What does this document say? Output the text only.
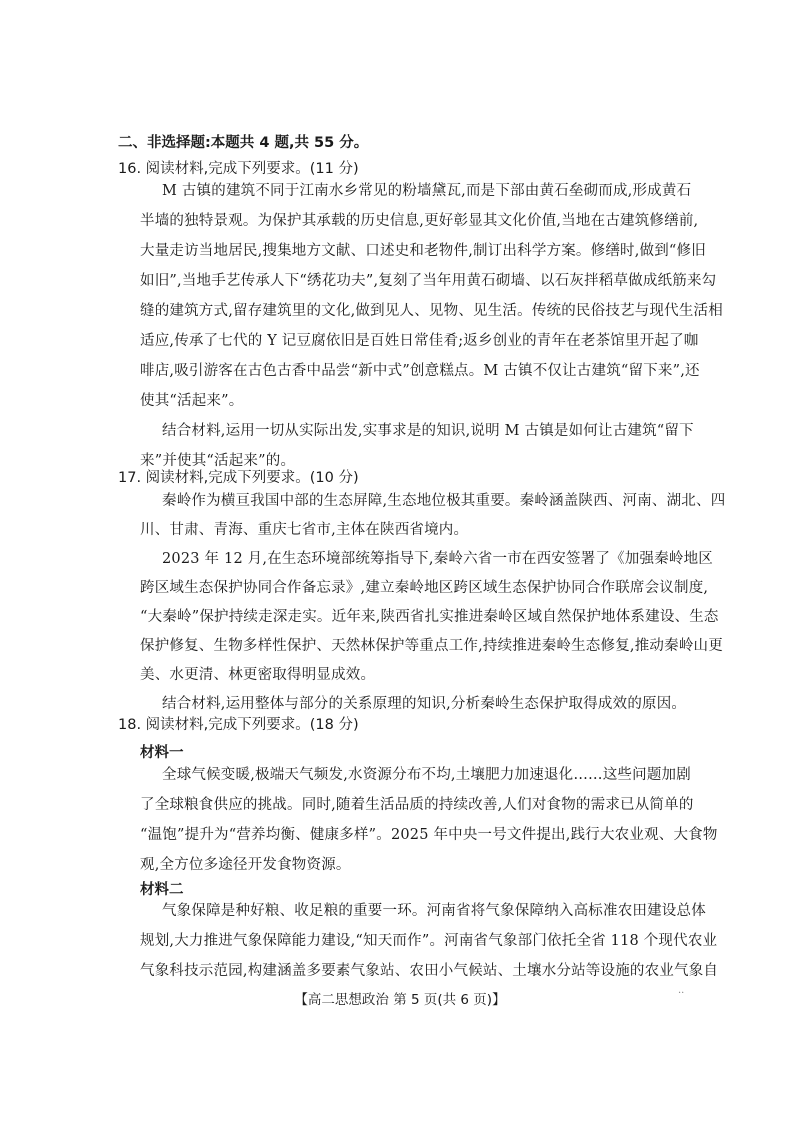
二、非选择题:本题共 4 题,共 55 分。
16. 阅读材料,完成下列要求。(11 分)
M 古镇的建筑不同于江南水乡常见的粉墙黛瓦,而是下部由黄石垒砌而成,形成黄石
半墙的独特景观。为保护其承载的历史信息,更好彰显其文化价值,当地在古建筑修缮前,
大量走访当地居民,搜集地方文献、口述史和老物件,制订出科学方案。修缮时,做到“修旧
如旧”,当地手艺传承人下“绣花功夫”,复刻了当年用黄石砌墙、以石灰拌稻草做成纸筋来勾
缝的建筑方式,留存建筑里的文化,做到见人、见物、见生活。传统的民俗技艺与现代生活相
适应,传承了七代的 Y 记豆腐依旧是百姓日常佳肴;返乡创业的青年在老茶馆里开起了咖
啡店,吸引游客在古色古香中品尝“新中式”创意糕点。M 古镇不仅让古建筑“留下来”,还
使其“活起来”。
结合材料,运用一切从实际出发,实事求是的知识,说明 M 古镇是如何让古建筑“留下
来”并使其“活起来”的。
17. 阅读材料,完成下列要求。(10 分)
秦岭作为横亘我国中部的生态屏障,生态地位极其重要。秦岭涵盖陕西、河南、湖北、四
川、甘肃、青海、重庆七省市,主体在陕西省境内。
2023 年 12 月,在生态环境部统筹指导下,秦岭六省一市在西安签署了《加强秦岭地区
跨区域生态保护协同合作备忘录》,建立秦岭地区跨区域生态保护协同合作联席会议制度,
“大秦岭”保护持续走深走实。近年来,陕西省扎实推进秦岭区域自然保护地体系建设、生态
保护修复、生物多样性保护、天然林保护等重点工作,持续推进秦岭生态修复,推动秦岭山更
美、水更清、林更密取得明显成效。
结合材料,运用整体与部分的关系原理的知识,分析秦岭生态保护取得成效的原因。
18. 阅读材料,完成下列要求。(18 分)
材料一
全球气候变暖,极端天气频发,水资源分布不均,土壤肥力加速退化……这些问题加剧
了全球粮食供应的挑战。同时,随着生活品质的持续改善,人们对食物的需求已从简单的
“温饱”提升为“营养均衡、健康多样”。2025 年中央一号文件提出,践行大农业观、大食物
观,全方位多途径开发食物资源。
材料二
气象保障是种好粮、收足粮的重要一环。河南省将气象保障纳入高标准农田建设总体
规划,大力推进气象保障能力建设,“知天而作”。河南省气象部门依托全省 118 个现代农业
气象科技示范园,构建涵盖多要素气象站、农田小气候站、土壤水分站等设施的农业气象自
【高二思想政治 第 5 页(共 6 页)】	··
